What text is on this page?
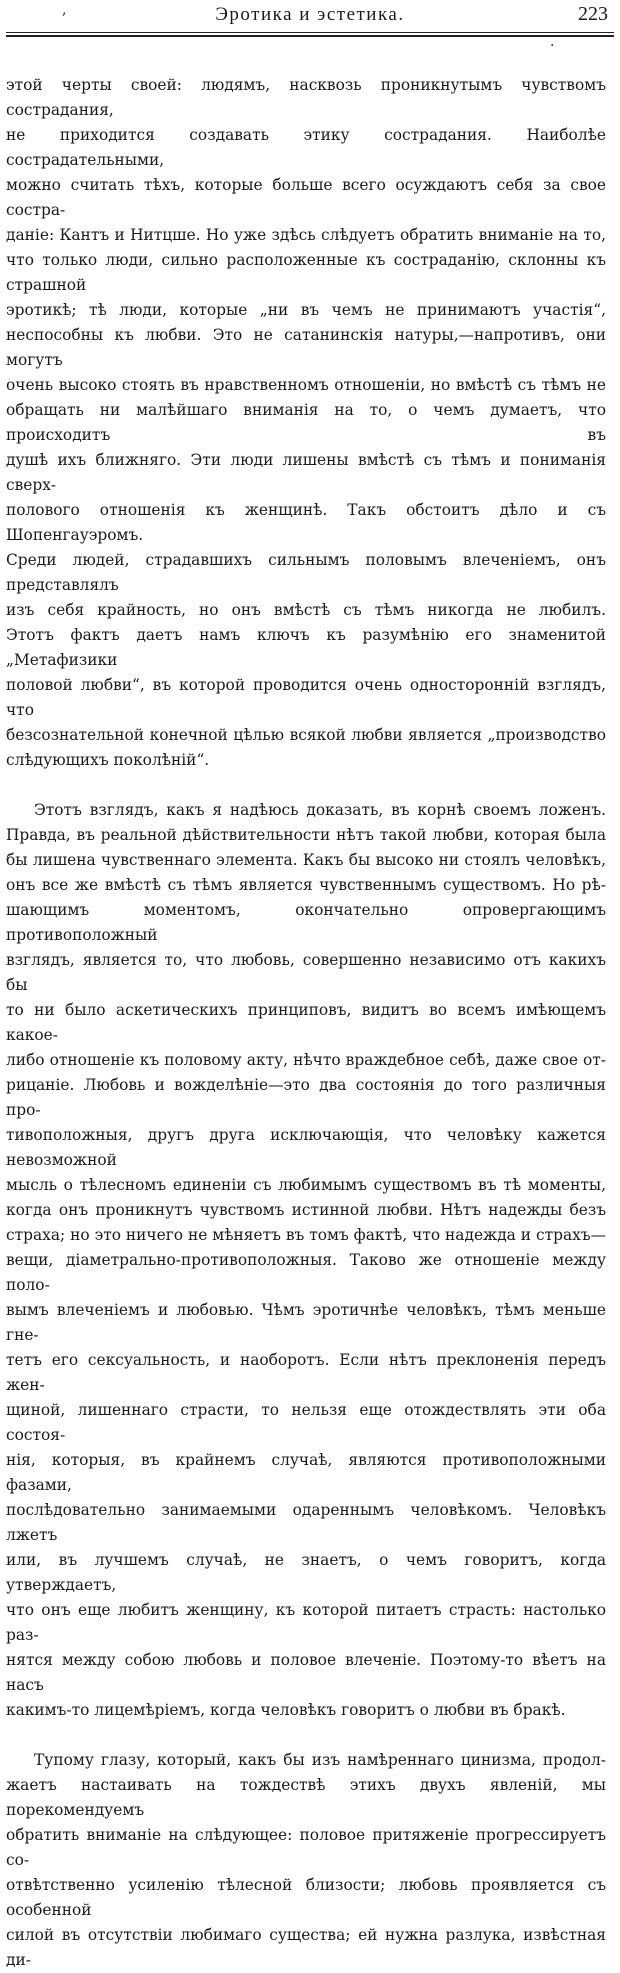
,	Эротика и эстетика.	223
·

этой черты своей: людямъ, насквозь проникнутымъ чувствомъ сострадания,

не приходится создавать этику сострадания. Наиболѣе сострадательными,

можно считать тѣхъ, которые больше всего осуждаютъ себя за свое состра-

даніе: Кантъ и Нитцше. Но уже здѣсь слѣдуетъ обратить вниманіе на то,

что только люди, сильно расположенные къ состраданію, склонны къ страшной

эротикѣ; тѣ люди, которые „ни въ чемъ не принимаютъ участія“,

неспособны къ любви. Это не сатанинскія натуры,—напротивъ, они могутъ

очень высоко стоять въ нравственномъ отношеніи, но вмѣстѣ съ тѣмъ не

обращать ни малѣйшаго вниманія на то, о чемъ думаетъ, что происходитъ въ

душѣ ихъ ближняго. Эти люди лишены вмѣстѣ съ тѣмъ и пониманія сверх-

полового отношенія къ женщинѣ. Такъ обстоитъ дѣло и съ Шопенгауэромъ.

Среди людей, страдавшихъ сильнымъ половымъ влеченіемъ, онъ представлялъ

изъ себя крайность, но онъ вмѣстѣ съ тѣмъ никогда не любилъ.

Этотъ фактъ даетъ намъ ключъ къ разумѣнію его знаменитой „Метафизики

половой любви“, въ которой проводится очень односторонній взглядъ, что

безсознательной конечной цѣлью всякой любви является „производство

слѣдующихъ поколѣній“.

Этотъ взглядъ, какъ я надѣюсь доказать, въ корнѣ своемъ ложенъ.

Правда, въ реальной дѣйствительности нѣтъ такой любви, которая была

бы лишена чувственнаго элемента. Какъ бы высоко ни стоялъ человѣкъ,

онъ все же вмѣстѣ съ тѣмъ является чувственнымъ существомъ. Но рѣ-

шающимъ моментомъ, окончательно опровергающимъ противоположный

взглядъ, является то, что любовь, совершенно независимо отъ какихъ бы

то ни было аскетическихъ принциповъ, видитъ во всемъ имѣющемъ какое-

либо отношеніе къ половому акту, нѣчто враждебное себѣ, даже свое от-

рицаніе. Любовь и вожделѣніе—это два состоянія до того различныя про-

тивоположныя, другъ друга исключающія, что человѣку кажется невозможной

мысль о тѣлесномъ единеніи съ любимымъ существомъ въ тѣ моменты,

когда онъ проникнутъ чувствомъ истинной любви. Нѣтъ надежды безъ

страха; но это ничего не мѣняетъ въ томъ фактѣ, что надежда и страхъ—

вещи, діаметрально-противоположныя. Таково же отношеніе между поло-

вымъ влеченіемъ и любовью. Чѣмъ эротичнѣе человѣкъ, тѣмъ меньше гне-

тетъ его сексуальность, и наоборотъ. Если нѣтъ преклоненія передъ жен-

щиной, лишеннаго страсти, то нельзя еще отождествлять эти оба состоя-

нія, которыя, въ крайнемъ случаѣ, являются противоположными фазами,

послѣдовательно занимаемыми одареннымъ человѣкомъ. Человѣкъ лжетъ

или, въ лучшемъ случаѣ, не знаетъ, о чемъ говоритъ, когда утверждаетъ,

что онъ еще любитъ женщину, къ которой питаетъ страсть: настолько раз-

нятся между собою любовь и половое влеченіе. Поэтому-то вѣетъ на насъ

какимъ-то лицемѣріемъ, когда человѣкъ говоритъ о любви въ бракѣ.

Тупому глазу, который, какъ бы изъ намѣреннаго цинизма, продол-

жаетъ настаивать на тождествѣ этихъ двухъ явленій, мы порекомендуемъ

обратить вниманіе на слѣдующее: половое притяженіе прогрессируетъ со-

отвѣтственно усиленію тѣлесной близости; любовь проявляется съ особенной

силой въ отсутствіи любимаго существа; ей нужна разлука, извѣстная ди-
